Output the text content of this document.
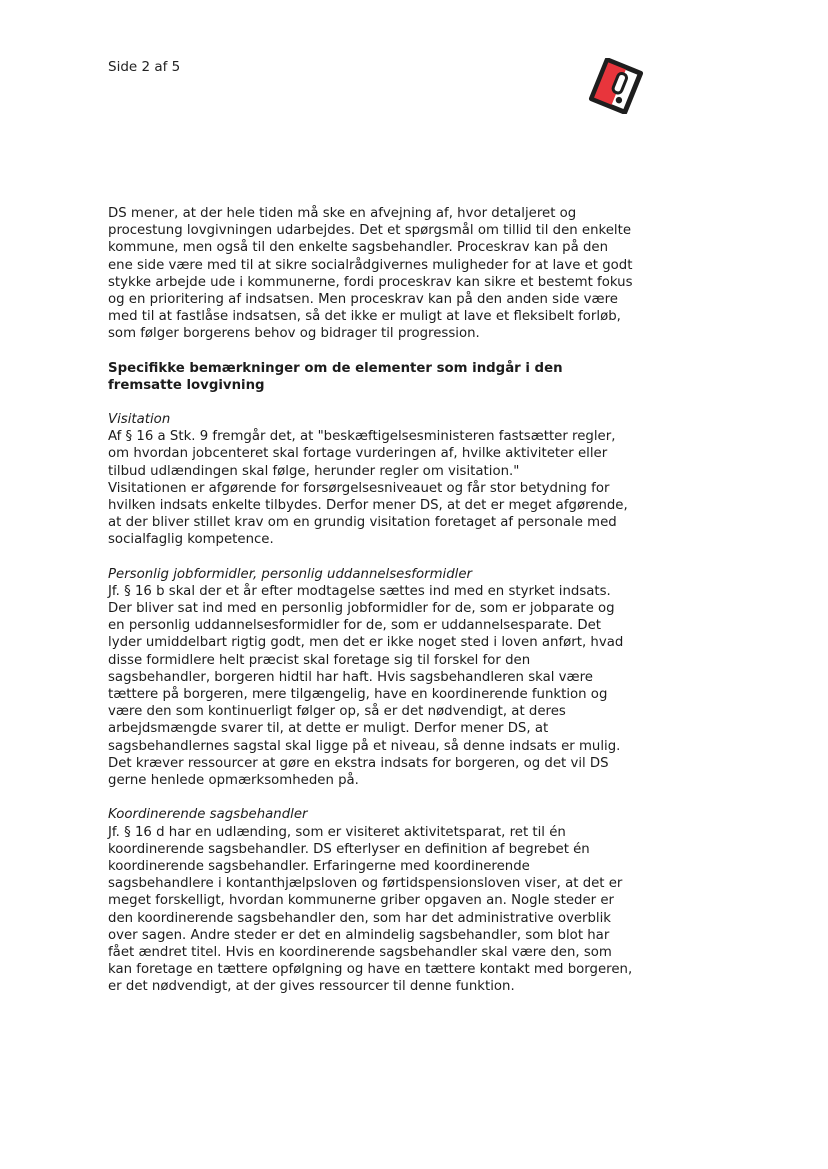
Side 2 af 5

DS mener, at der hele tiden må ske en afvejning af, hvor detaljeret og procestung lovgivningen udarbejdes. Det et spørgsmål om tillid til den enkelte kommune, men også til den enkelte sagsbehandler. Proceskrav kan på den ene side være med til at sikre socialrådgivernes muligheder for at lave et godt stykke arbejde ude i kommunerne, fordi proceskrav kan sikre et bestemt fokus og en prioritering af indsatsen. Men proceskrav kan på den anden side være med til at fastlåse indsatsen, så det ikke er muligt at lave et fleksibelt forløb, som følger borgerens behov og bidrager til progression.

Specifikke bemærkninger om de elementer som indgår i den fremsatte lovgivning

Visitation

Af § 16 a Stk. 9 fremgår det, at "beskæftigelsesministeren fastsætter regler, om hvordan jobcenteret skal fortage vurderingen af, hvilke aktiviteter eller tilbud udlændingen skal følge, herunder regler om visitation."

Visitationen er afgørende for forsørgelsesniveauet og får stor betydning for hvilken indsats enkelte tilbydes. Derfor mener DS, at det er meget afgørende, at der bliver stillet krav om en grundig visitation foretaget af personale med socialfaglig kompetence.

Personlig jobformidler, personlig uddannelsesformidler

Jf. § 16 b skal der et år efter modtagelse sættes ind med en styrket indsats. Der bliver sat ind med en personlig jobformidler for de, som er jobparate og en personlig uddannelsesformidler for de, som er uddannelsesparate. Det lyder umiddelbart rigtig godt, men det er ikke noget sted i loven anført, hvad disse formidlere helt præcist skal foretage sig til forskel for den sagsbehandler, borgeren hidtil har haft. Hvis sagsbehandleren skal være tættere på borgeren, mere tilgængelig, have en koordinerende funktion og være den som kontinuerligt følger op, så er det nødvendigt, at deres arbejdsmængde svarer til, at dette er muligt. Derfor mener DS, at sagsbehandlernes sagstal skal ligge på et niveau, så denne indsats er mulig. Det kræver ressourcer at gøre en ekstra indsats for borgeren, og det vil DS gerne henlede opmærksomheden på.

Koordinerende sagsbehandler

Jf. § 16 d har en udlænding, som er visiteret aktivitetsparat, ret til én koordinerende sagsbehandler. DS efterlyser en definition af begrebet én koordinerende sagsbehandler. Erfaringerne med koordinerende sagsbehandlere i kontanthjælpsloven og førtidspensionsloven viser, at det er meget forskelligt, hvordan kommunerne griber opgaven an. Nogle steder er den koordinerende sagsbehandler den, som har det administrative overblik over sagen. Andre steder er det en almindelig sagsbehandler, som blot har fået ændret titel. Hvis en koordinerende sagsbehandler skal være den, som kan foretage en tættere opfølgning og have en tættere kontakt med borgeren, er det nødvendigt, at der gives ressourcer til denne funktion.
